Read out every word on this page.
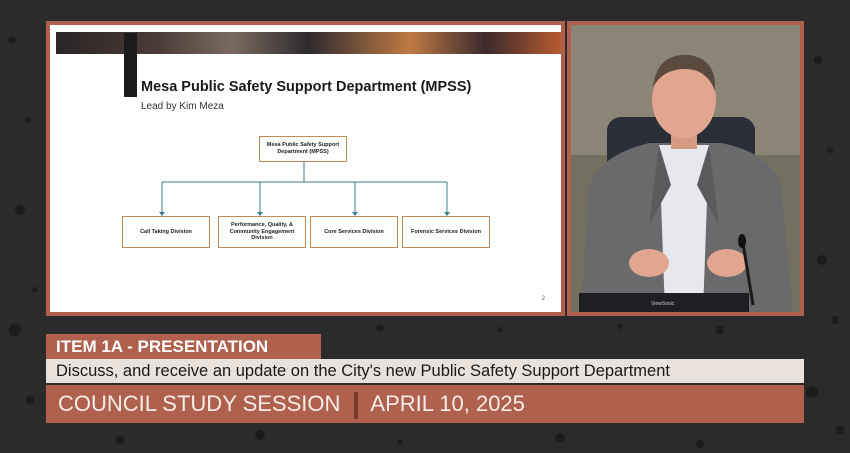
Mesa Public Safety Support Department (MPSS)
Lead by Kim Meza
Mesa Public Safety Support Department (MPSS)
Call Taking Division
Performance, Quality, & Community Engagement Division
Core Services Division	Forensic Services Division
2
ViewSonic
ITEM 1A - PRESENTATION
Discuss, and receive an update on the City's new Public Safety Support Department
COUNCIL STUDY SESSION APRIL 10, 2025
